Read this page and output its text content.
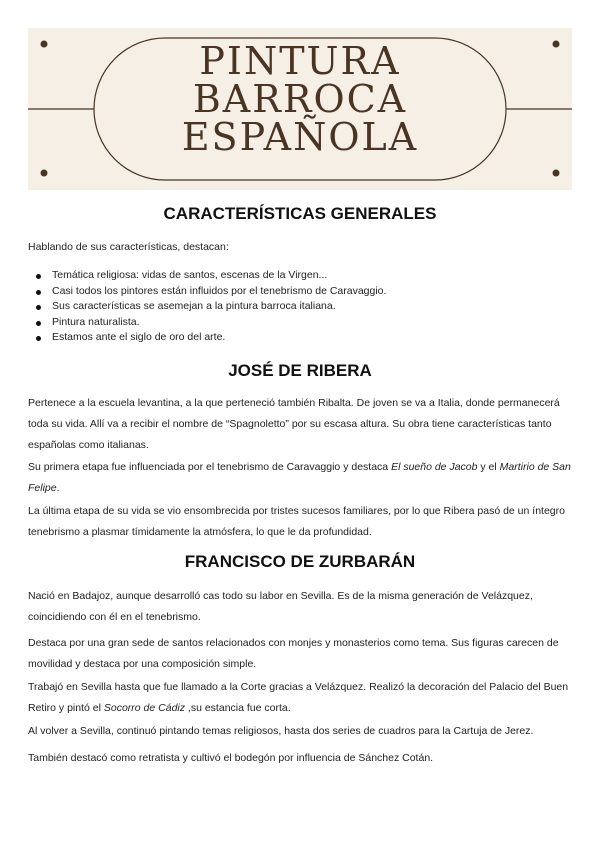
PINTURA
BARROCA
ESPAÑOLA
CARACTERÍSTICAS GENERALES

Hablando de sus características, destacan:

Temática religiosa: vidas de santos, escenas de la Virgen...
Casi todos los pintores están influidos por el tenebrismo de Caravaggio.
Sus características se asemejan a la pintura barroca italiana.
Pintura naturalista.
Estamos ante el siglo de oro del arte.
JOSÉ DE RIBERA

Pertenece a la escuela levantina, a la que perteneció también Ribalta. De joven se va a Italia, donde permanecerá toda su vida. Allí va a recibir el nombre de “Spagnoletto” por su escasa altura. Su obra tiene características tanto españolas como italianas.

Su primera etapa fue influenciada por el tenebrismo de Caravaggio y destaca El sueño de Jacob y el Martirio de San Felipe.

La última etapa de su vida se vio ensombrecida por tristes sucesos familiares, por lo que Ribera pasó de un íntegro tenebrismo a plasmar tímidamente la atmósfera, lo que le da profundidad.

FRANCISCO DE ZURBARÁN

Nació en Badajoz, aunque desarrolló cas todo su labor en Sevilla. Es de la misma generación de Velázquez, coincidiendo con él en el tenebrismo.

Destaca por una gran sede de santos relacionados con monjes y monasterios como tema. Sus figuras carecen de movilidad y destaca por una composición simple.

Trabajó en Sevilla hasta que fue llamado a la Corte gracias a Velázquez. Realizó la decoración del Palacio del Buen Retiro y pintó el Socorro de Cádiz ,su estancia fue corta.

Al volver a Sevilla, continuó pintando temas religiosos, hasta dos series de cuadros para la Cartuja de Jerez.

También destacó como retratista y cultivó el bodegón por influencia de Sánchez Cotán.
